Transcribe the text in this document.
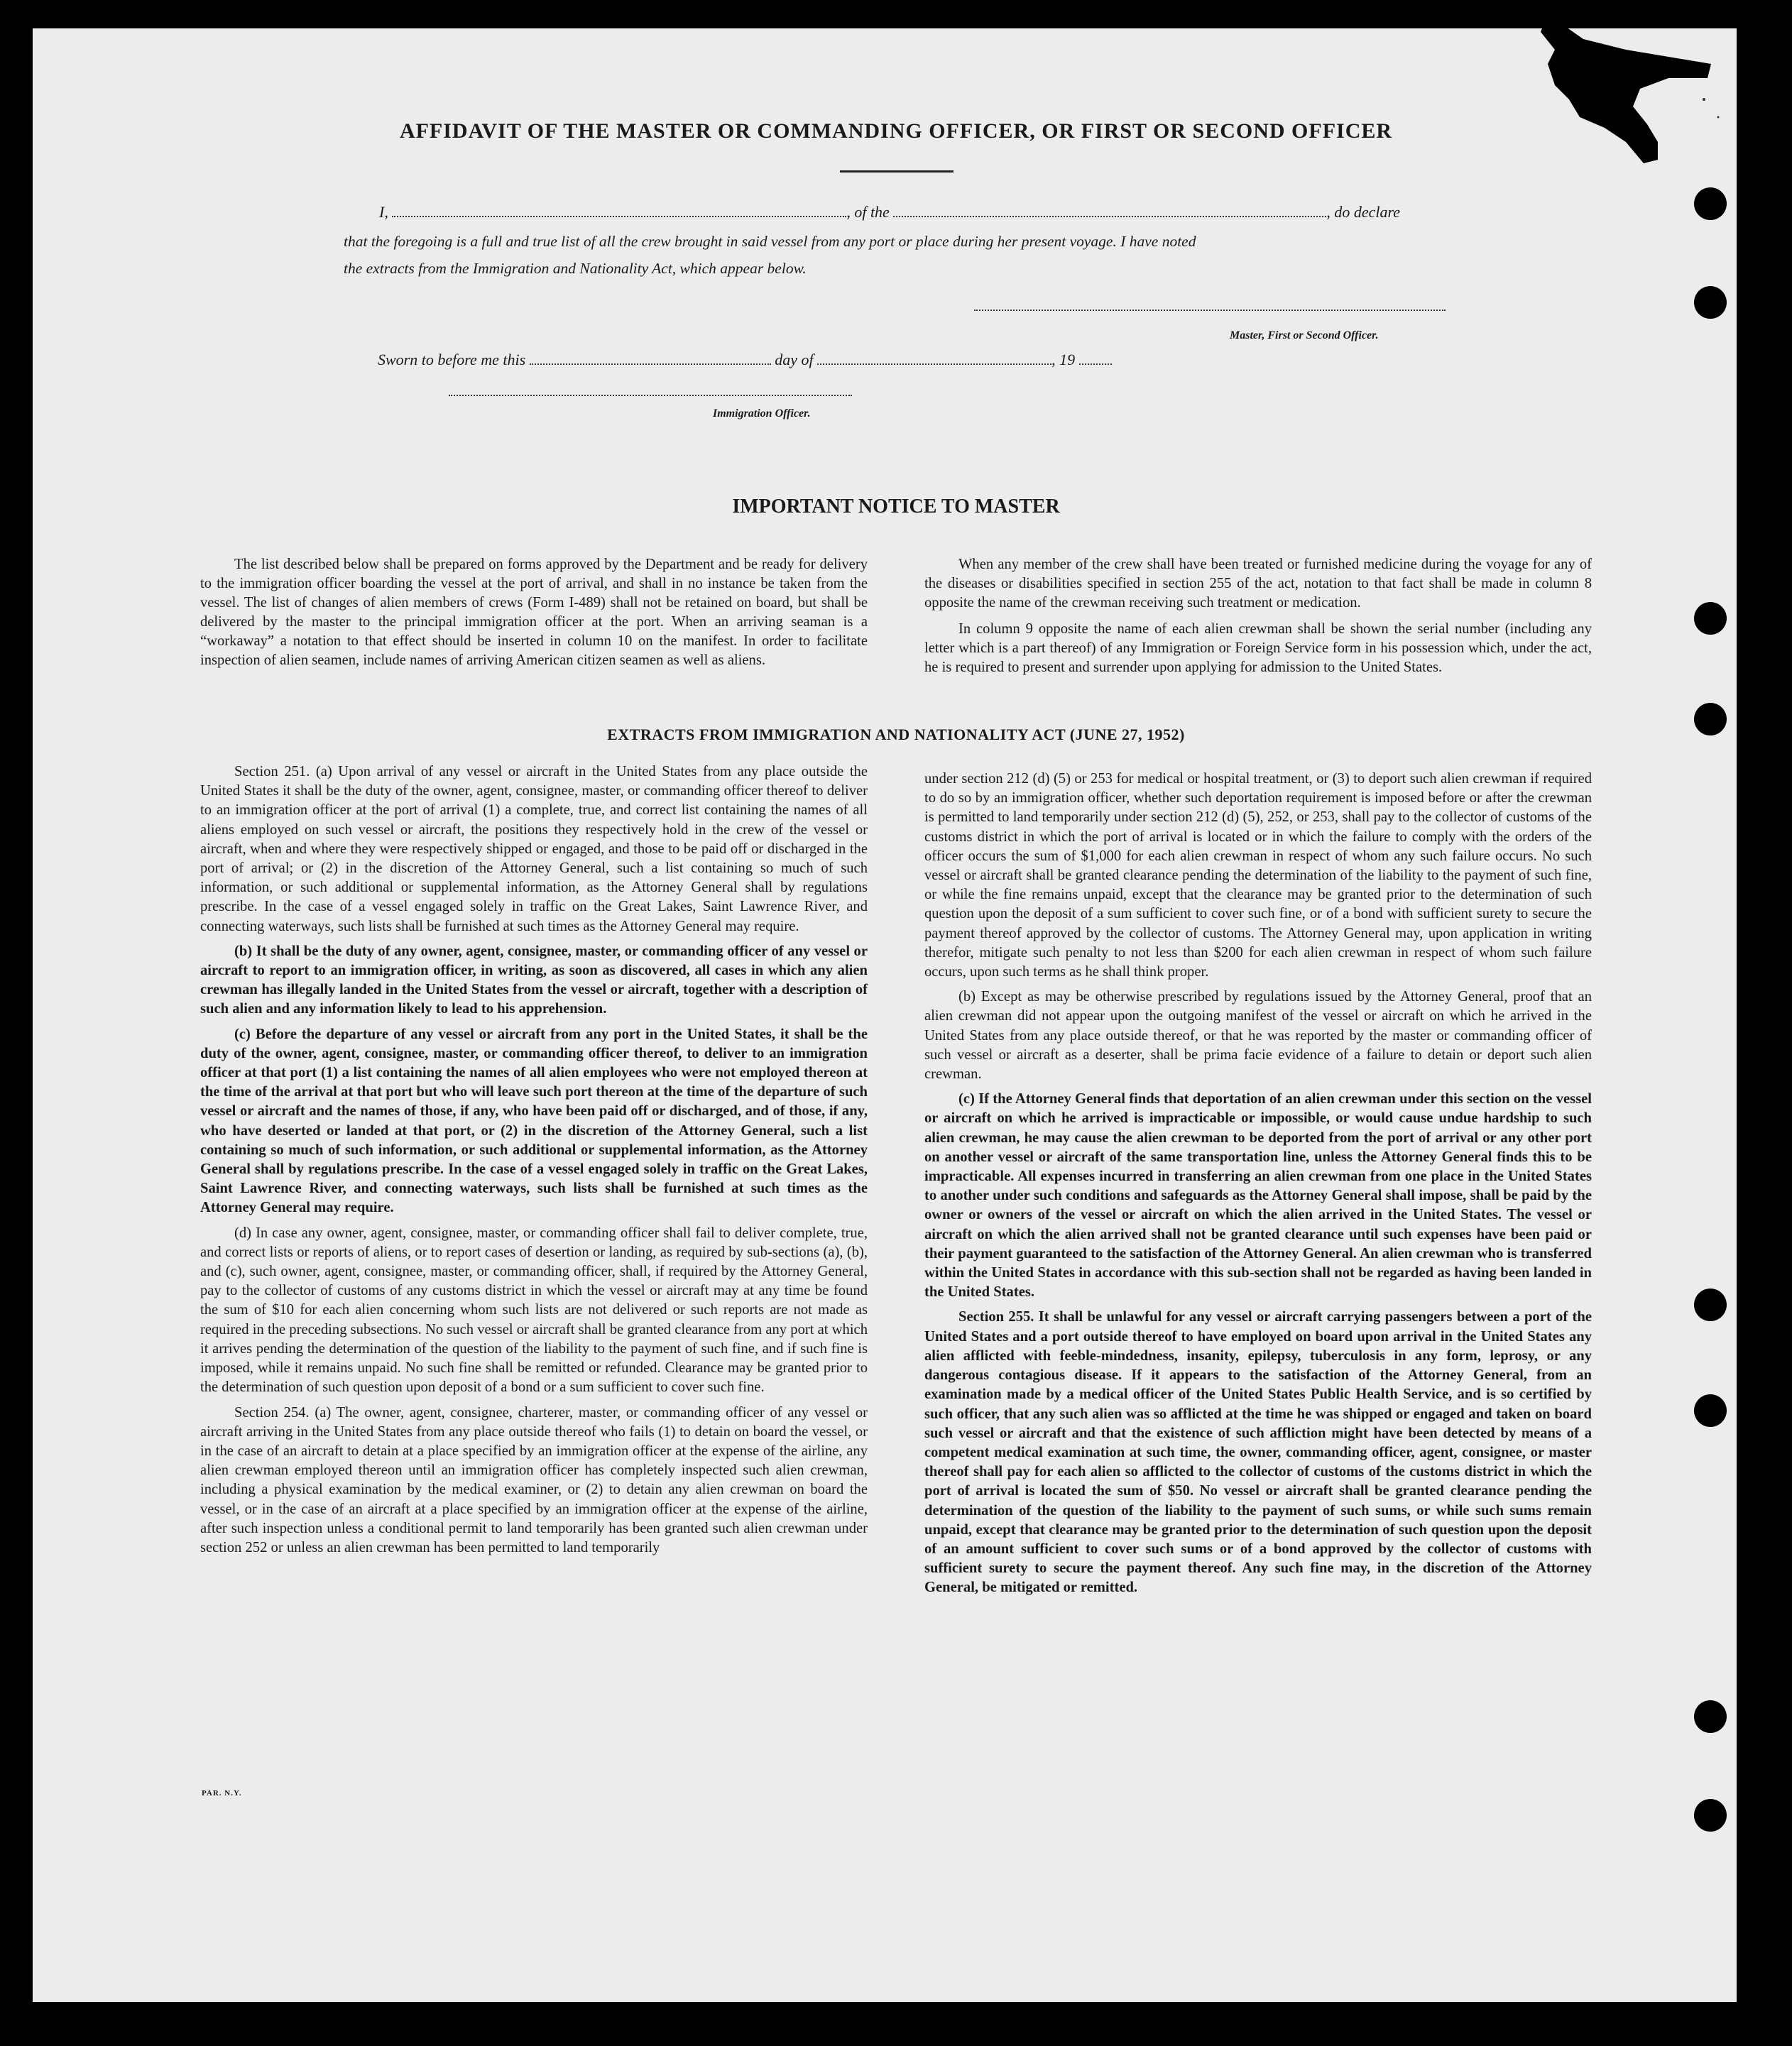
AFFIDAVIT OF THE MASTER OR COMMANDING OFFICER, OR FIRST OR SECOND OFFICER
I,	, of the	, do declare
that the foregoing is a full and true list of all the crew brought in said vessel from any port or place during her present voyage. I have noted
the extracts from the Immigration and Nationality Act, which appear below.
Master, First or Second Officer.
Sworn to before me this	day of	, 19
Immigration Officer.
IMPORTANT NOTICE TO MASTER

The list described below shall be prepared on forms approved by the Department and be ready for delivery to the immigration officer boarding the vessel at the port of arrival, and shall in no instance be taken from the vessel. The list of changes of alien members of crews (Form I-489) shall not be retained on board, but shall be delivered by the master to the principal immigration officer at the port. When an arriving seaman is a “workaway” a notation to that effect should be inserted in column 10 on the manifest. In order to facilitate inspection of alien seamen, include names of arriving American citizen seamen as well as aliens.

When any member of the crew shall have been treated or furnished medicine during the voyage for any of the diseases or disabilities specified in section 255 of the act, notation to that fact shall be made in column 8 opposite the name of the crewman receiving such treatment or medication.

In column 9 opposite the name of each alien crewman shall be shown the serial number (including any letter which is a part thereof) of any Immigration or Foreign Service form in his possession which, under the act, he is required to present and surrender upon applying for admission to the United States.

EXTRACTS FROM IMMIGRATION AND NATIONALITY ACT (JUNE 27, 1952)

Section 251. (a) Upon arrival of any vessel or aircraft in the United States from any place outside the United States it shall be the duty of the owner, agent, consignee, master, or commanding officer thereof to deliver to an immigration officer at the port of arrival (1) a complete, true, and correct list containing the names of all aliens employed on such vessel or aircraft, the positions they respectively hold in the crew of the vessel or aircraft, when and where they were respectively shipped or engaged, and those to be paid off or discharged in the port of arrival; or (2) in the discretion of the Attorney General, such a list containing so much of such information, or such additional or supplemental information, as the Attorney General shall by regulations prescribe. In the case of a vessel engaged solely in traffic on the Great Lakes, Saint Lawrence River, and connecting waterways, such lists shall be furnished at such times as the Attorney General may require.

(b) It shall be the duty of any owner, agent, consignee, master, or commanding officer of any vessel or aircraft to report to an immigration officer, in writing, as soon as discovered, all cases in which any alien crewman has illegally landed in the United States from the vessel or aircraft, together with a description of such alien and any information likely to lead to his apprehension.

(c) Before the departure of any vessel or aircraft from any port in the United States, it shall be the duty of the owner, agent, consignee, master, or commanding officer thereof, to deliver to an immigration officer at that port (1) a list containing the names of all alien employees who were not employed thereon at the time of the arrival at that port but who will leave such port thereon at the time of the departure of such vessel or aircraft and the names of those, if any, who have been paid off or discharged, and of those, if any, who have deserted or landed at that port, or (2) in the discretion of the Attorney General, such a list containing so much of such information, or such additional or supplemental information, as the Attorney General shall by regulations prescribe. In the case of a vessel engaged solely in traffic on the Great Lakes, Saint Lawrence River, and connecting waterways, such lists shall be furnished at such times as the Attorney General may require.

(d) In case any owner, agent, consignee, master, or commanding officer shall fail to deliver complete, true, and correct lists or reports of aliens, or to report cases of desertion or landing, as required by sub-sections (a), (b), and (c), such owner, agent, consignee, master, or commanding officer, shall, if required by the Attorney General, pay to the collector of customs of any customs district in which the vessel or aircraft may at any time be found the sum of $10 for each alien concerning whom such lists are not delivered or such reports are not made as required in the preceding subsections. No such vessel or aircraft shall be granted clearance from any port at which it arrives pending the determination of the question of the liability to the payment of such fine, and if such fine is imposed, while it remains unpaid. No such fine shall be remitted or refunded. Clearance may be granted prior to the determination of such question upon deposit of a bond or a sum sufficient to cover such fine.

Section 254. (a) The owner, agent, consignee, charterer, master, or commanding officer of any vessel or aircraft arriving in the United States from any place outside thereof who fails (1) to detain on board the vessel, or in the case of an aircraft to detain at a place specified by an immigration officer at the expense of the airline, any alien crewman employed thereon until an immigration officer has completely inspected such alien crewman, including a physical examination by the medical examiner, or (2) to detain any alien crewman on board the vessel, or in the case of an aircraft at a place specified by an immigration officer at the expense of the airline, after such inspection unless a conditional permit to land temporarily has been granted such alien crewman under section 252 or unless an alien crewman has been permitted to land temporarily

under section 212 (d) (5) or 253 for medical or hospital treatment, or (3) to deport such alien crewman if required to do so by an immigration officer, whether such deportation requirement is imposed before or after the crewman is permitted to land temporarily under section 212 (d) (5), 252, or 253, shall pay to the collector of customs of the customs district in which the port of arrival is located or in which the failure to comply with the orders of the officer occurs the sum of $1,000 for each alien crewman in respect of whom any such failure occurs. No such vessel or aircraft shall be granted clearance pending the determination of the liability to the payment of such fine, or while the fine remains unpaid, except that the clearance may be granted prior to the determination of such question upon the deposit of a sum sufficient to cover such fine, or of a bond with sufficient surety to secure the payment thereof approved by the collector of customs. The Attorney General may, upon application in writing therefor, mitigate such penalty to not less than $200 for each alien crewman in respect of whom such failure occurs, upon such terms as he shall think proper.

(b) Except as may be otherwise prescribed by regulations issued by the Attorney General, proof that an alien crewman did not appear upon the outgoing manifest of the vessel or aircraft on which he arrived in the United States from any place outside thereof, or that he was reported by the master or commanding officer of such vessel or aircraft as a deserter, shall be prima facie evidence of a failure to detain or deport such alien crewman.

(c) If the Attorney General finds that deportation of an alien crewman under this section on the vessel or aircraft on which he arrived is impracticable or impossible, or would cause undue hardship to such alien crewman, he may cause the alien crewman to be deported from the port of arrival or any other port on another vessel or aircraft of the same transportation line, unless the Attorney General finds this to be impracticable. All expenses incurred in transferring an alien crewman from one place in the United States to another under such conditions and safeguards as the Attorney General shall impose, shall be paid by the owner or owners of the vessel or aircraft on which the alien arrived in the United States. The vessel or aircraft on which the alien arrived shall not be granted clearance until such expenses have been paid or their payment guaranteed to the satisfaction of the Attorney General. An alien crewman who is transferred within the United States in accordance with this sub-section shall not be regarded as having been landed in the United States.

Section 255. It shall be unlawful for any vessel or aircraft carrying passengers between a port of the United States and a port outside thereof to have employed on board upon arrival in the United States any alien afflicted with feeble-mindedness, insanity, epilepsy, tuberculosis in any form, leprosy, or any dangerous contagious disease. If it appears to the satisfaction of the Attorney General, from an examination made by a medical officer of the United States Public Health Service, and is so certified by such officer, that any such alien was so afflicted at the time he was shipped or engaged and taken on board such vessel or aircraft and that the existence of such affliction might have been detected by means of a competent medical examination at such time, the owner, commanding officer, agent, consignee, or master thereof shall pay for each alien so afflicted to the collector of customs of the customs district in which the port of arrival is located the sum of $50. No vessel or aircraft shall be granted clearance pending the determination of the question of the liability to the payment of such sums, or while such sums remain unpaid, except that clearance may be granted prior to the determination of such question upon the deposit of an amount sufficient to cover such sums or of a bond approved by the collector of customs with sufficient surety to secure the payment thereof. Any such fine may, in the discretion of the Attorney General, be mitigated or remitted.

PAR. N.Y.
